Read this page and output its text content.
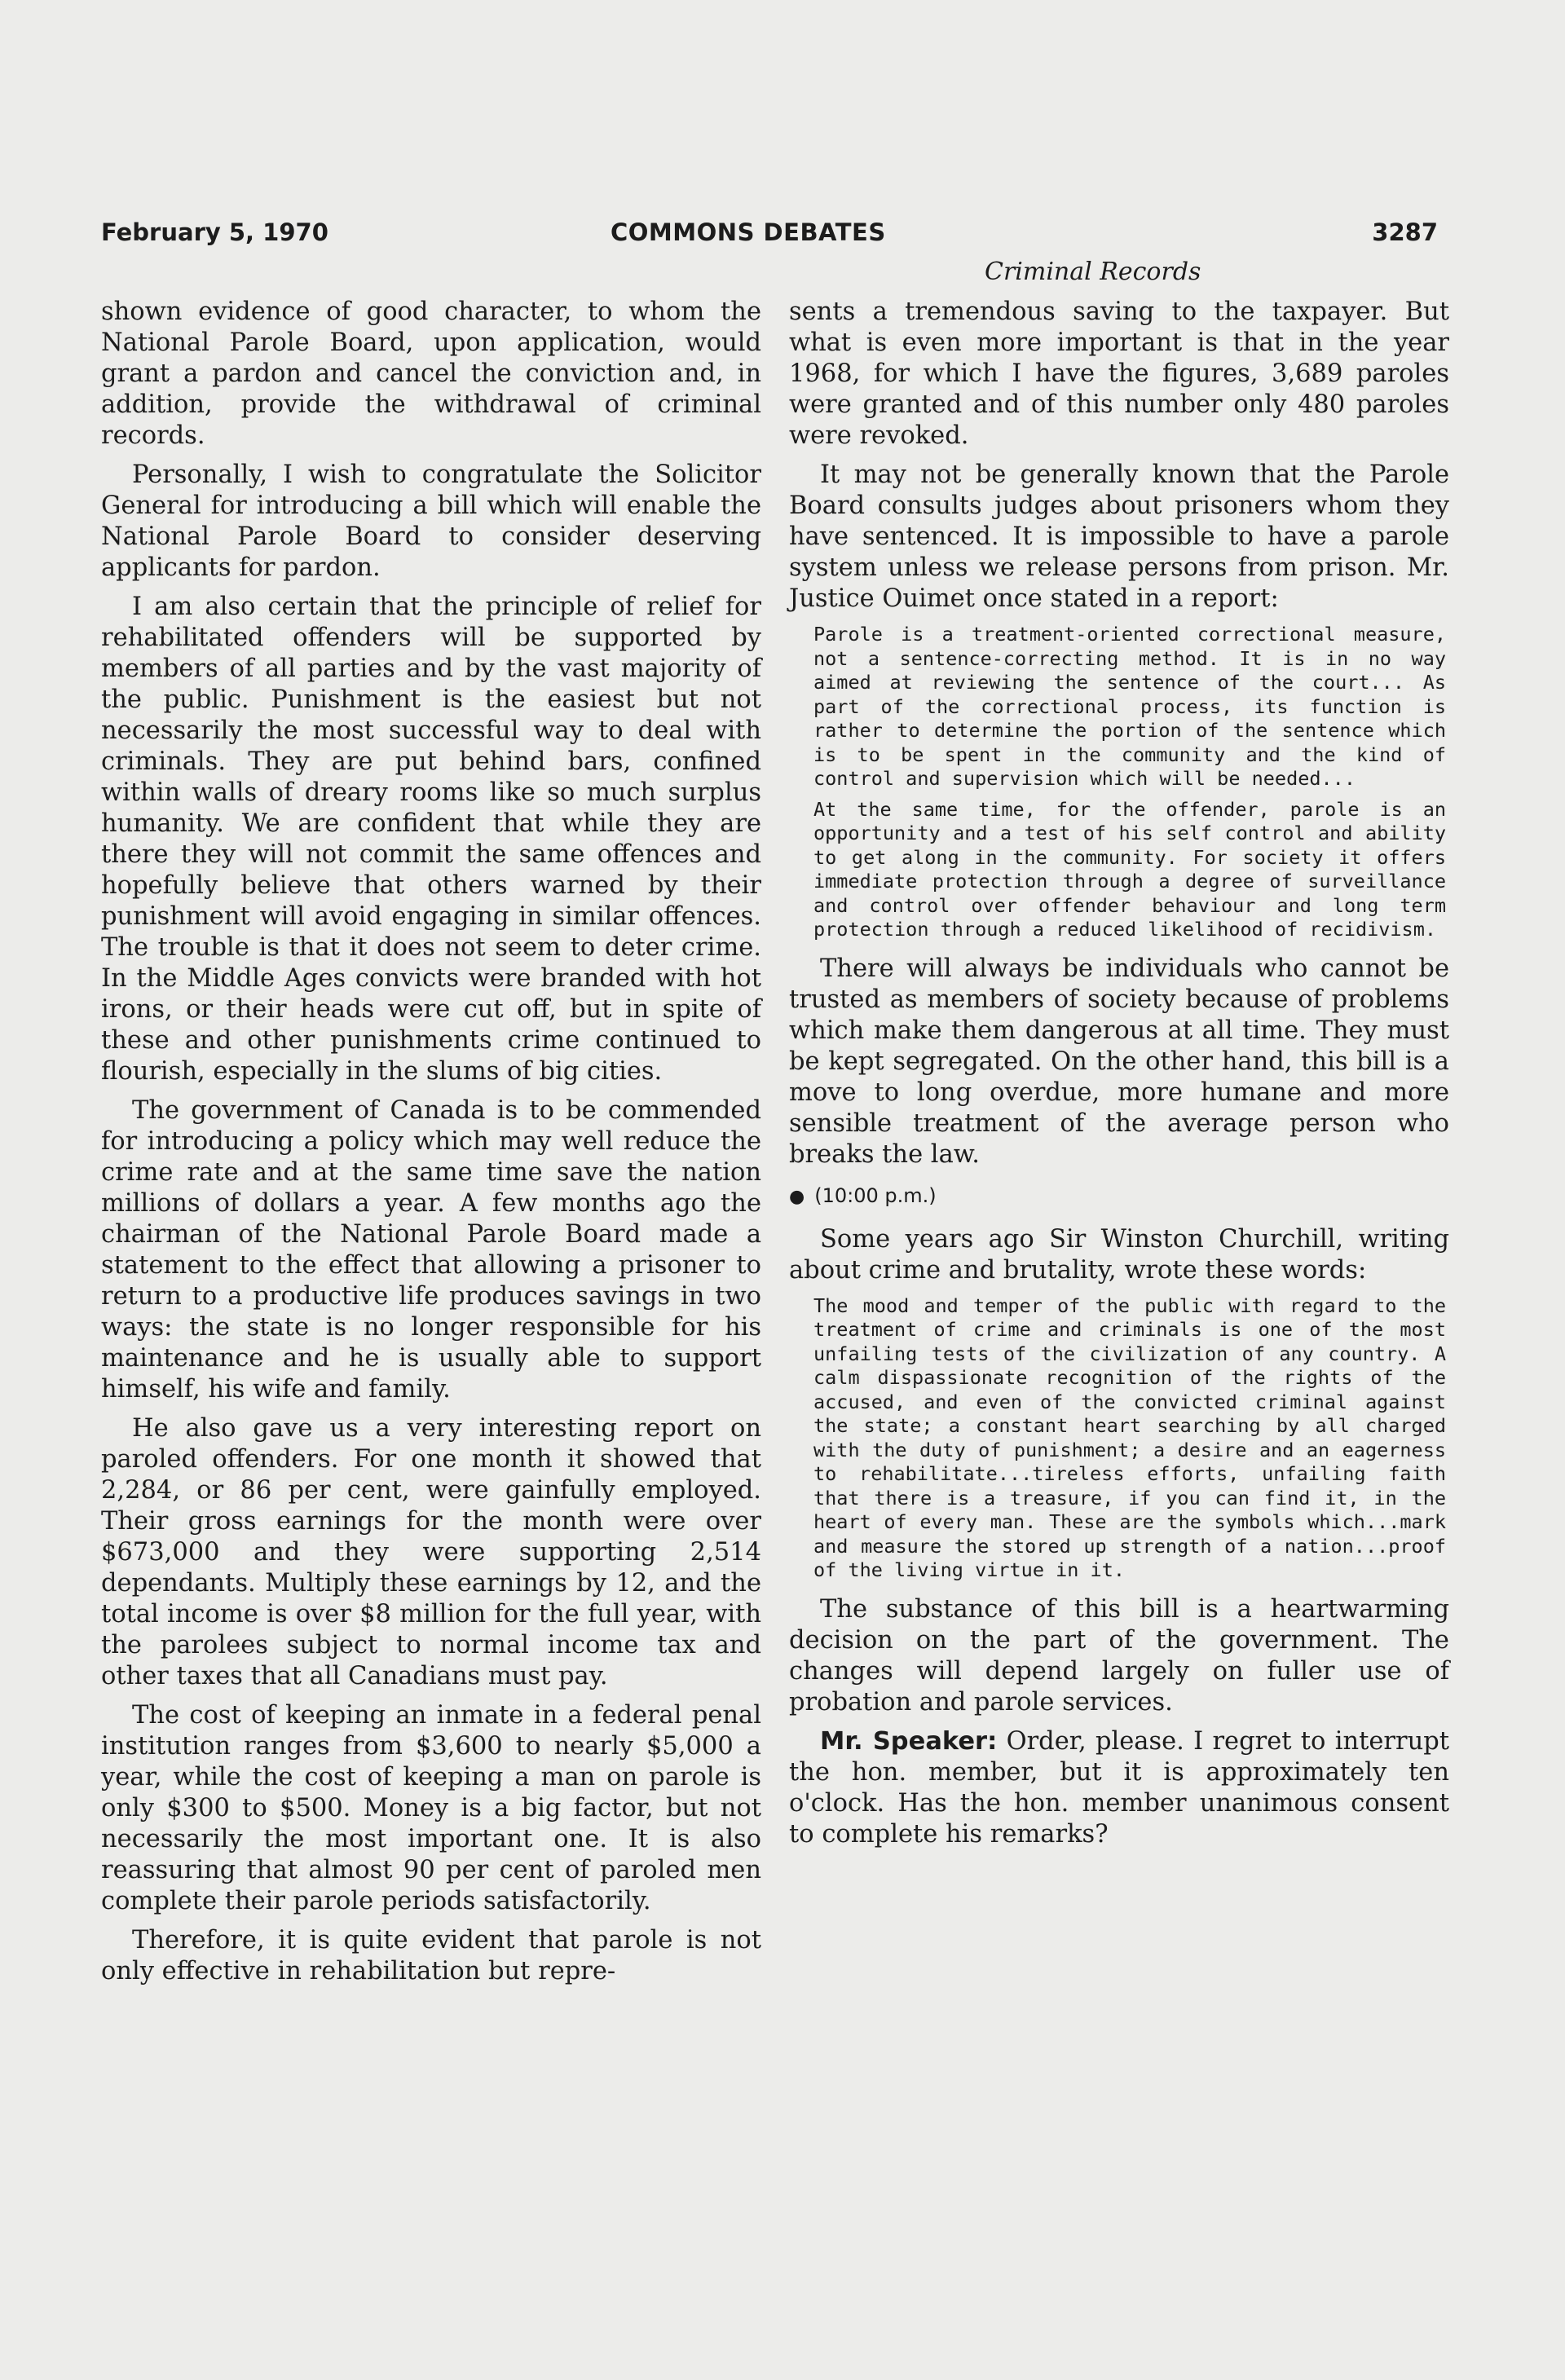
February 5, 1970	COMMONS DEBATES	3287
Criminal Records

shown evidence of good character, to whom the National Parole Board, upon application, would grant a pardon and cancel the conviction and, in addition, provide the withdrawal of criminal records.

Personally, I wish to congratulate the Solicitor General for introducing a bill which will enable the National Parole Board to consider deserving applicants for pardon.

I am also certain that the principle of relief for rehabilitated offenders will be supported by members of all parties and by the vast majority of the public. Punishment is the easiest but not necessarily the most successful way to deal with criminals. They are put behind bars, confined within walls of dreary rooms like so much surplus humanity. We are confident that while they are there they will not commit the same offences and hopefully believe that others warned by their punishment will avoid engaging in similar offences. The trouble is that it does not seem to deter crime. In the Middle Ages convicts were branded with hot irons, or their heads were cut off, but in spite of these and other punishments crime continued to flourish, especially in the slums of big cities.

The government of Canada is to be commended for introducing a policy which may well reduce the crime rate and at the same time save the nation millions of dollars a year. A few months ago the chairman of the National Parole Board made a statement to the effect that allowing a prisoner to return to a productive life produces savings in two ways: the state is no longer responsible for his maintenance and he is usually able to support himself, his wife and family.

He also gave us a very interesting report on paroled offenders. For one month it showed that 2,284, or 86 per cent, were gainfully employed. Their gross earnings for the month were over $673,000 and they were supporting 2,514 dependants. Multiply these earnings by 12, and the total income is over $8 million for the full year, with the parolees subject to normal income tax and other taxes that all Canadians must pay.

The cost of keeping an inmate in a federal penal institution ranges from $3,600 to nearly $5,000 a year, while the cost of keeping a man on parole is only $300 to $500. Money is a big factor, but not necessarily the most important one. It is also reassuring that almost 90 per cent of paroled men complete their parole periods satisfactorily.

Therefore, it is quite evident that parole is not only effective in rehabilitation but repre-

sents a tremendous saving to the taxpayer. But what is even more important is that in the year 1968, for which I have the figures, 3,689 paroles were granted and of this number only 480 paroles were revoked.

It may not be generally known that the Parole Board consults judges about prisoners whom they have sentenced. It is impossible to have a parole system unless we release persons from prison. Mr. Justice Ouimet once stated in a report:

Parole is a treatment-oriented correctional measure, not a sentence-correcting method. It is in no way aimed at reviewing the sentence of the court... As part of the correctional process, its function is rather to determine the portion of the sentence which is to be spent in the community and the kind of control and supervision which will be needed...

At the same time, for the offender, parole is an opportunity and a test of his self control and ability to get along in the community. For society it offers immediate protection through a degree of surveillance and control over offender behaviour and long term protection through a reduced likelihood of recidivism.

There will always be individuals who cannot be trusted as members of society because of problems which make them dangerous at all time. They must be kept segregated. On the other hand, this bill is a move to long overdue, more humane and more sensible treatment of the average person who breaks the law.

● (10:00 p.m.)

Some years ago Sir Winston Churchill, writing about crime and brutality, wrote these words:

The mood and temper of the public with regard to the treatment of crime and criminals is one of the most unfailing tests of the civilization of any country. A calm dispassionate recognition of the rights of the accused, and even of the convicted criminal against the state; a constant heart searching by all charged with the duty of punishment; a desire and an eagerness to rehabilitate...tireless efforts, unfailing faith that there is a treasure, if you can find it, in the heart of every man. These are the symbols which...mark and measure the stored up strength of a nation...proof of the living virtue in it.

The substance of this bill is a heartwarming decision on the part of the government. The changes will depend largely on fuller use of probation and parole services.

Mr. Speaker: Order, please. I regret to interrupt the hon. member, but it is approximately ten o'clock. Has the hon. member unanimous consent to complete his remarks?
